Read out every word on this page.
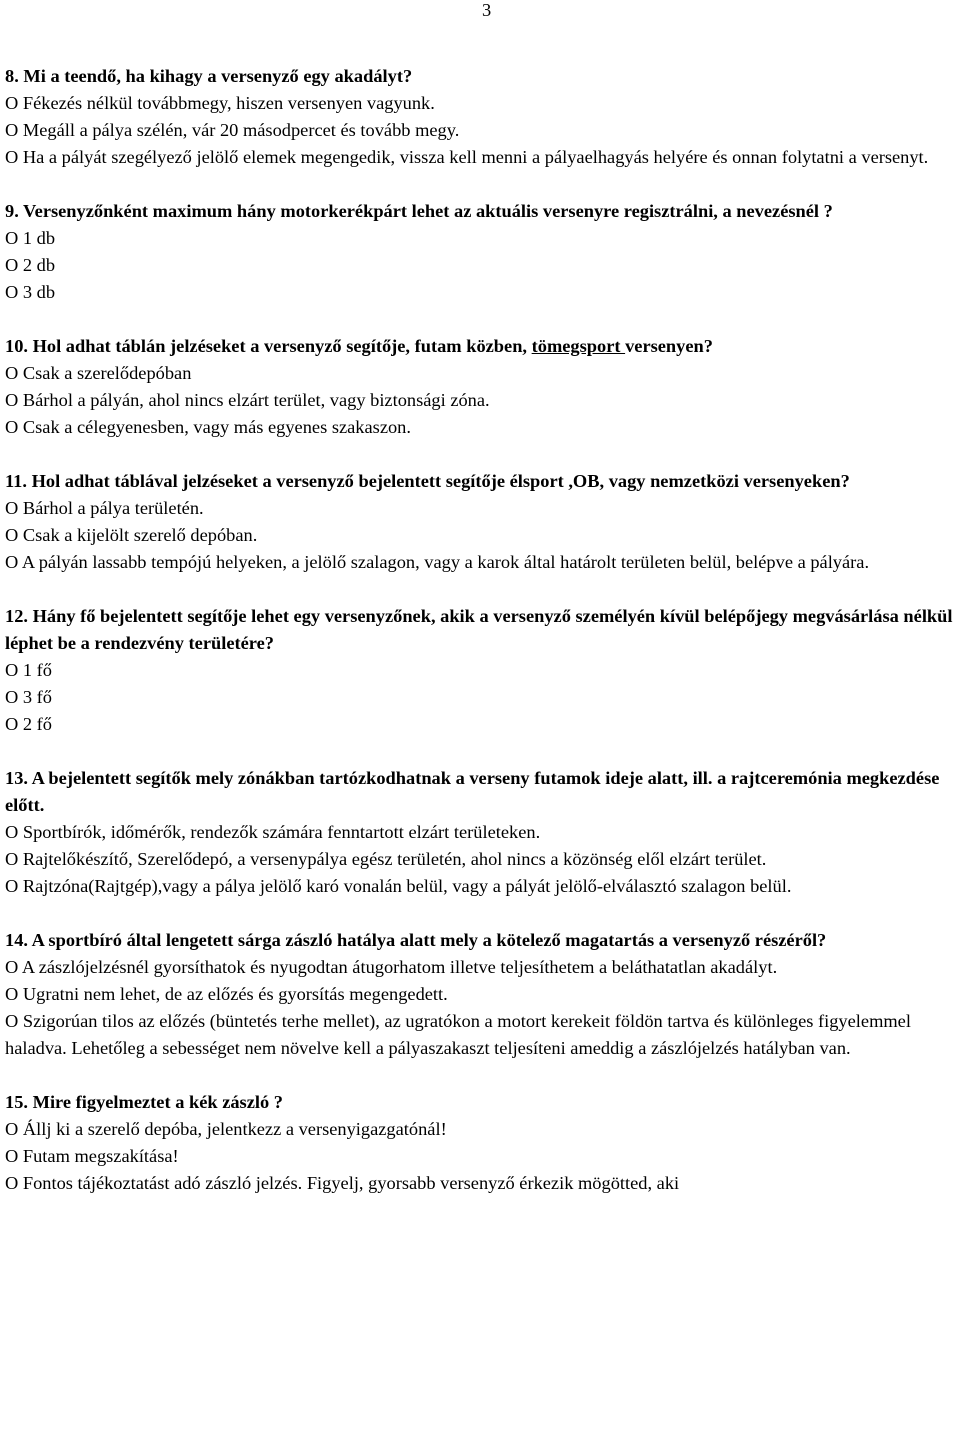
3
8. Mi a teendő, ha kihagy a versenyző egy akadályt?
O Fékezés nélkül továbbmegy, hiszen versenyen vagyunk.
O Megáll a pálya szélén, vár 20 másodpercet és tovább megy.
O Ha a pályát szegélyező jelölő elemek megengedik, vissza kell menni a pályaelhagyás helyére és onnan folytatni a versenyt.
9. Versenyzőnként maximum hány motorkerékpárt lehet az aktuális versenyre regisztrálni, a nevezésnél ?
O 1 db
O 2 db
O 3 db
10. Hol adhat táblán jelzéseket a versenyző segítője, futam közben, tömegsport versenyen?
O Csak a szerelődepóban
O Bárhol a pályán, ahol nincs elzárt terület, vagy biztonsági zóna.
O Csak a célegyenesben, vagy más egyenes szakaszon.
11. Hol adhat táblával jelzéseket a versenyző bejelentett segítője élsport ,OB, vagy nemzetközi versenyeken?
O Bárhol a pálya területén.
O Csak a kijelölt szerelő depóban.
O A pályán lassabb tempójú helyeken, a jelölő szalagon, vagy a karok által határolt területen belül, belépve a pályára.
12. Hány fő bejelentett segítője lehet egy versenyzőnek, akik a versenyző személyén kívül belépőjegy megvásárlása nélkül léphet be a rendezvény területére?
O 1 fő
O 3 fő
O 2 fő
13. A bejelentett segítők mely zónákban tartózkodhatnak a verseny futamok ideje alatt, ill. a rajtceremónia megkezdése előtt.
O Sportbírók, időmérők, rendezők számára fenntartott elzárt területeken.
O Rajtelőkészítő, Szerelődepó, a versenypálya egész területén, ahol nincs a közönség elől elzárt terület.
O Rajtzóna(Rajtgép),vagy a pálya jelölő karó vonalán belül, vagy a pályát jelölő-elválasztó szalagon belül.
14. A sportbíró által lengetett sárga zászló hatálya alatt mely a kötelező magatartás a versenyző részéről?
O A zászlójelzésnél gyorsíthatok és nyugodtan átugorhatom illetve teljesíthetem a beláthatatlan akadályt.
O Ugratni nem lehet, de az előzés és gyorsítás megengedett.
O Szigorúan tilos az előzés (büntetés terhe mellet), az ugratókon a motort kerekeit földön tartva és különleges figyelemmel haladva. Lehetőleg a sebességet nem növelve kell a pályaszakaszt teljesíteni ameddig a zászlójelzés hatályban van.
15. Mire figyelmeztet a kék zászló ?
O Állj ki a szerelő depóba, jelentkezz a versenyigazgatónál!
O Futam megszakítása!
O Fontos tájékoztatást adó zászló jelzés. Figyelj, gyorsabb versenyző érkezik mögötted, aki
